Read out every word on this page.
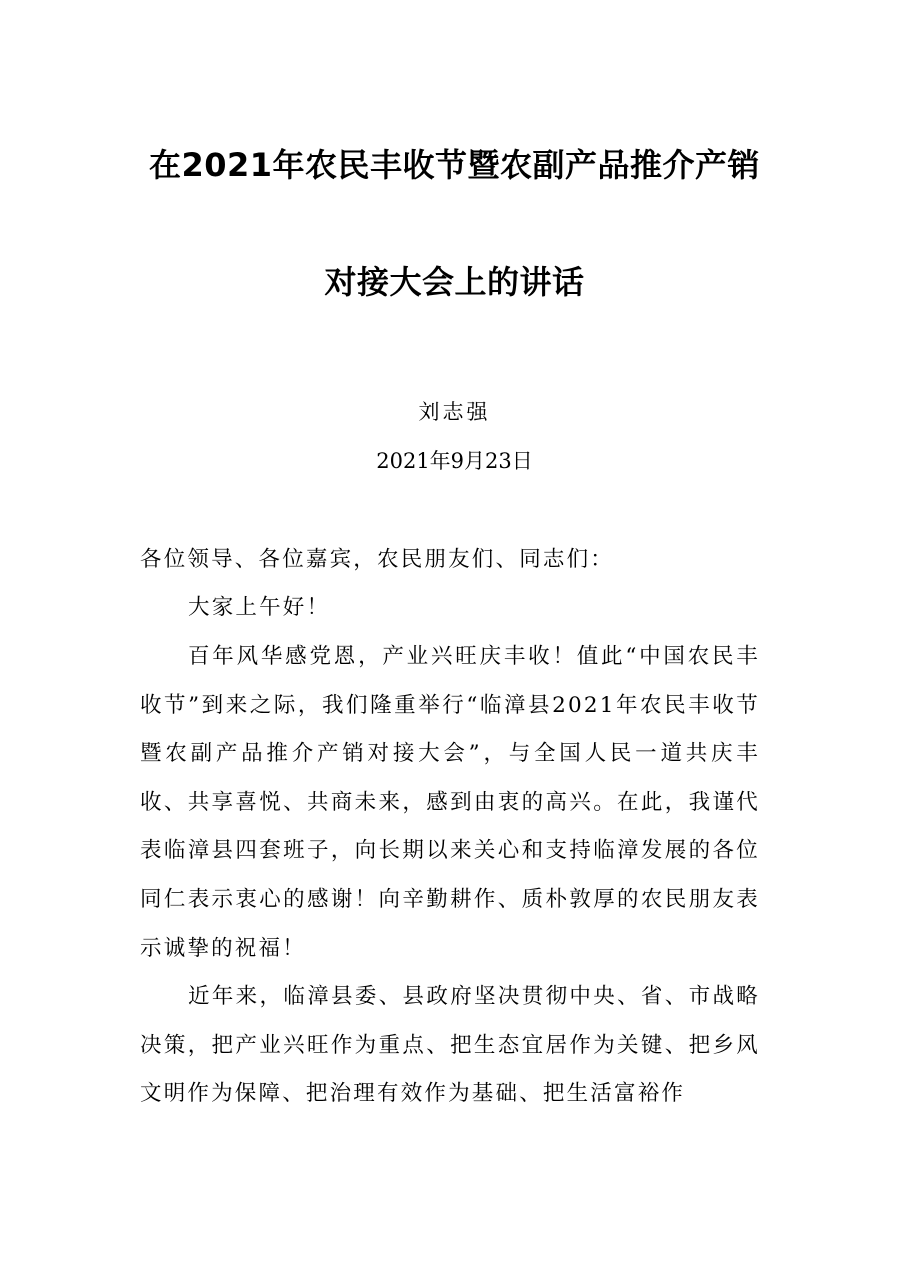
在2021年农民丰收节暨农副产品推介产销
对接大会上的讲话
刘志强
2021年9月23日

各位领导、各位嘉宾，农民朋友们、同志们：

大家上午好！

百年风华感党恩，产业兴旺庆丰收！值此“中国农民丰收节”到来之际，我们隆重举行“临漳县2021年农民丰收节暨农副产品推介产销对接大会”，与全国人民一道共庆丰收、共享喜悦、共商未来，感到由衷的高兴。在此，我谨代表临漳县四套班子，向长期以来关心和支持临漳发展的各位同仁表示衷心的感谢！向辛勤耕作、质朴敦厚的农民朋友表示诚挚的祝福！

近年来，临漳县委、县政府坚决贯彻中央、省、市战略决策，把产业兴旺作为重点、把生态宜居作为关键、把乡风文明作为保障、把治理有效作为基础、把生活富裕作
